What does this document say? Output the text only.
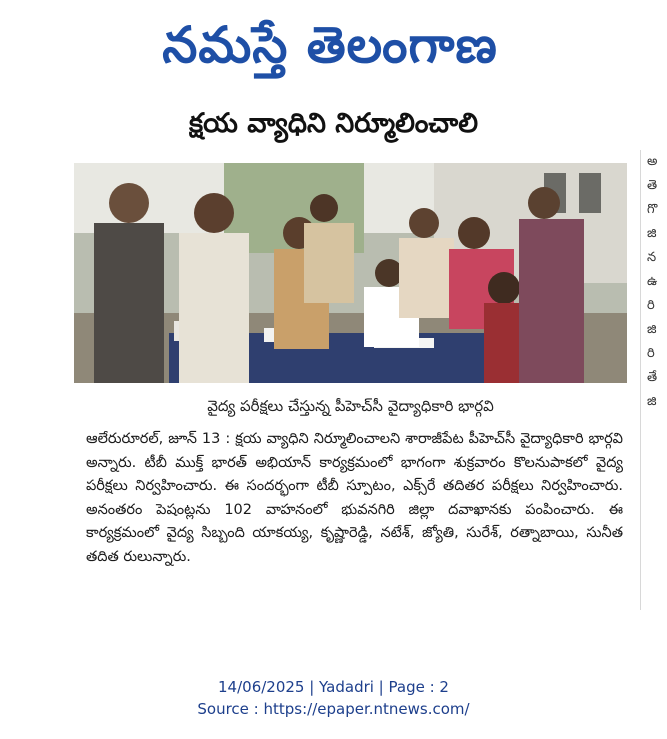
నమస్తే తెలంగాణ
క్షయ వ్యాధిని నిర్మూలించాలి
వైద్య పరీక్షలు చేస్తున్న పీహెచ్‌సీ వైద్యాధికారి భార్గవి
ఆలేరురూరల్, జూన్ 13 : క్షయ వ్యాధిని నిర్మూలించాలని శారాజీపేట పీహెచ్‌సీ వైద్యాధికారి భార్గవి అన్నారు. టీబీ ముక్త్ భారత్ అభియాన్ కార్యక్రమంలో భాగంగా శుక్రవారం కొలనుపాకలో వైద్య పరీక్షలు నిర్వహించారు. ఈ సందర్భంగా టీబీ స్పూటం, ఎక్స్‌రే తదితర పరీక్షలు నిర్వహించారు. అనంతరం పెషంట్లను 102 వాహనంలో భువనగిరి జిల్లా దవాఖానకు పంపించారు. ఈ కార్యక్రమంలో వైద్య సిబ్బంది యాకయ్య, కృష్ణారెడ్డి, నటేశ్, జ్యోతి, సురేశ్, రత్నాబాయి, సునీత తదిత రులున్నారు.
అ
తె
గొ
జి
న
ఉ
రి
జి
రి
తే
జి
14/06/2025 | Yadadri | Page : 2
Source : https://epaper.ntnews.com/
